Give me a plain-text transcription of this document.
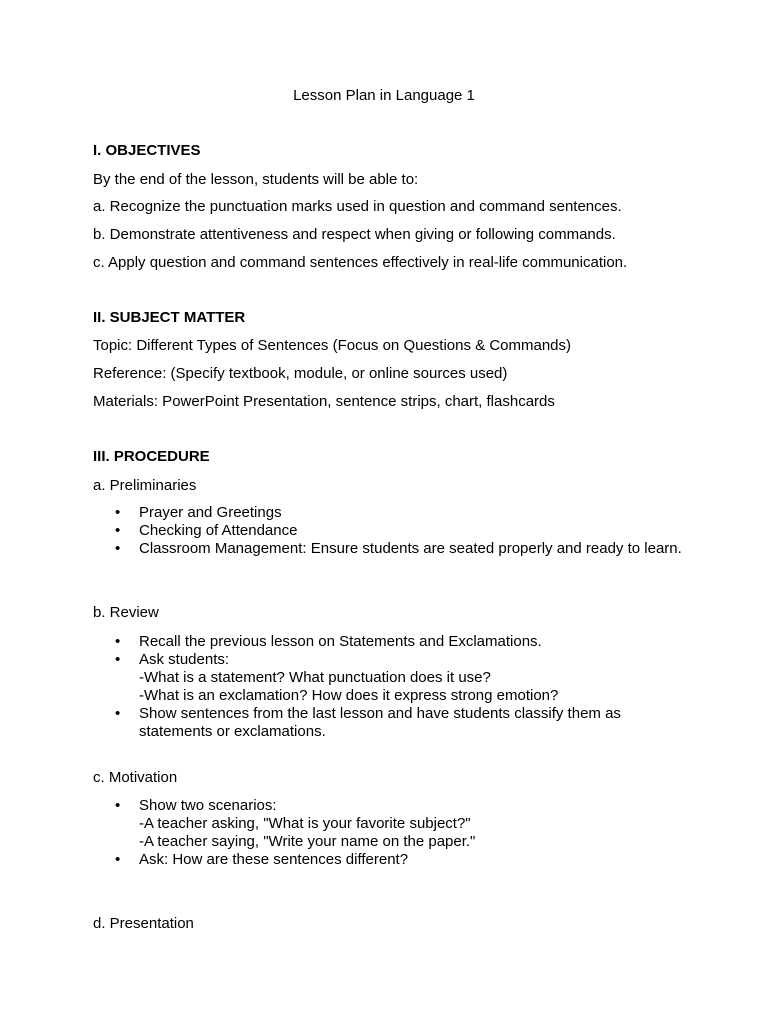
Lesson Plan in Language 1
I. OBJECTIVES

By the end of the lesson, students will be able to:

a. Recognize the punctuation marks used in question and command sentences.

b. Demonstrate attentiveness and respect when giving or following commands.

c. Apply question and command sentences effectively in real-life communication.

II. SUBJECT MATTER

Topic: Different Types of Sentences (Focus on Questions & Commands)

Reference: (Specify textbook, module, or online sources used)

Materials: PowerPoint Presentation, sentence strips, chart, flashcards

III. PROCEDURE

a. Preliminaries

• Prayer and Greetings
• Checking of Attendance
• Classroom Management: Ensure students are seated properly and ready to learn.

b. Review

• Recall the previous lesson on Statements and Exclamations.
• Ask students:
-What is a statement? What punctuation does it use?
-What is an exclamation? How does it express strong emotion?
• Show sentences from the last lesson and have students classify them as statements or exclamations.

c. Motivation

• Show two scenarios:
-A teacher asking, "What is your favorite subject?"
-A teacher saying, "Write your name on the paper."
• Ask: How are these sentences different?

d. Presentation
